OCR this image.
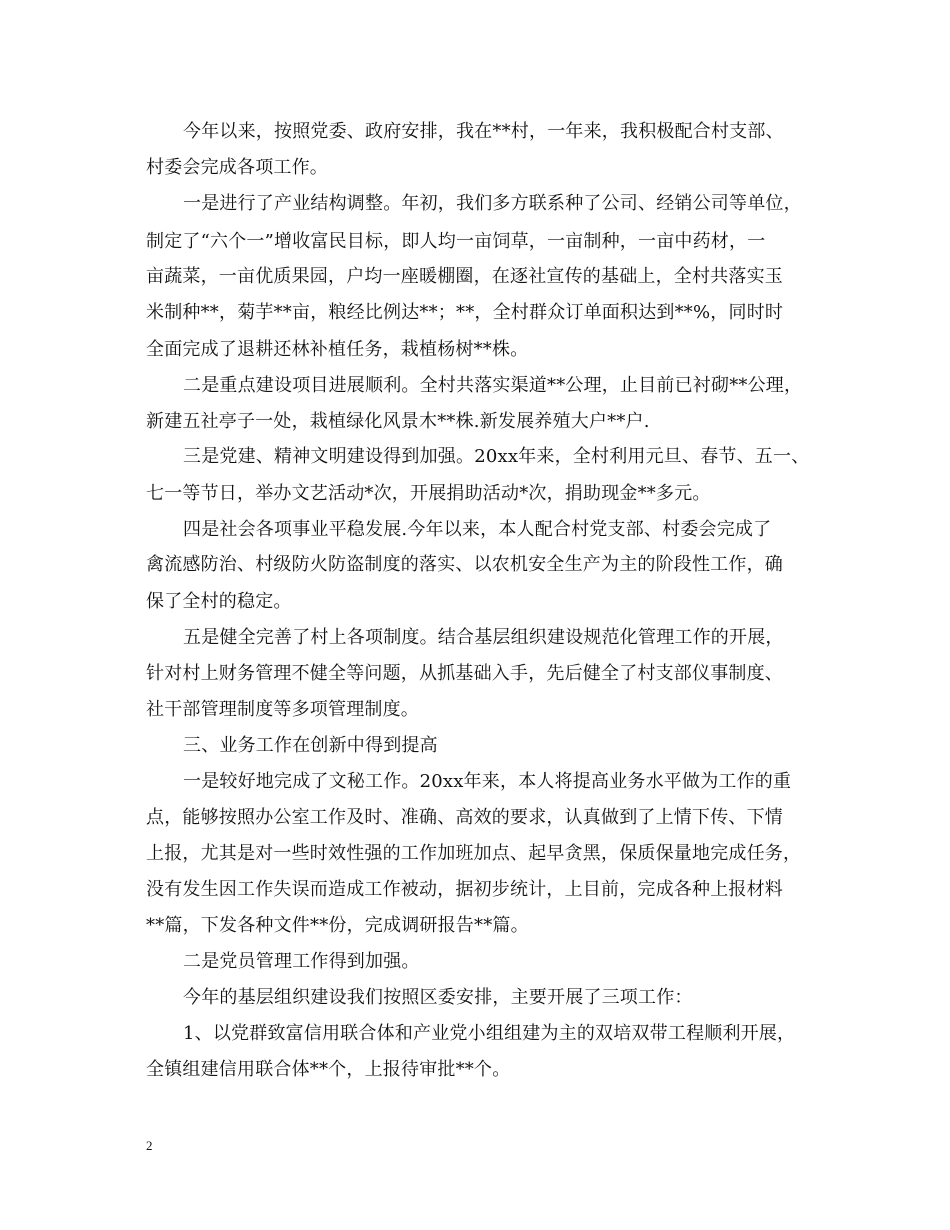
今年以来，按照党委、政府安排，我在**村，一年来，我积极配合村支部、
村委会完成各项工作。
一是进行了产业结构调整。年初，我们多方联系种了公司、经销公司等单位，
制定了“六个一”增收富民目标，即人均一亩饲草，一亩制种，一亩中药材，一
亩蔬菜，一亩优质果园，户均一座暖棚圈，在逐社宣传的基础上，全村共落实玉
米制种**，菊芋**亩，粮经比例达**；**，全村群众订单面积达到**%，同时时
全面完成了退耕还林补植任务，栽植杨树**株。
二是重点建设项目进展顺利。全村共落实渠道**公理，止目前已衬砌**公理，
新建五社亭子一处，栽植绿化风景木**株.新发展养殖大户**户.
三是党建、精神文明建设得到加强。20xx年来，全村利用元旦、春节、五一、
七一等节日，举办文艺活动*次，开展捐助活动*次，捐助现金**多元。
四是社会各项事业平稳发展.今年以来，本人配合村党支部、村委会完成了
禽流感防治、村级防火防盗制度的落实、以农机安全生产为主的阶段性工作，确
保了全村的稳定。
五是健全完善了村上各项制度。结合基层组织建设规范化管理工作的开展，
针对村上财务管理不健全等问题，从抓基础入手，先后健全了村支部仪事制度、
社干部管理制度等多项管理制度。
三、业务工作在创新中得到提高
一是较好地完成了文秘工作。20xx年来，本人将提高业务水平做为工作的重
点，能够按照办公室工作及时、准确、高效的要求，认真做到了上情下传、下情
上报，尤其是对一些时效性强的工作加班加点、起早贪黑，保质保量地完成任务，
没有发生因工作失误而造成工作被动，据初步统计，上目前，完成各种上报材料
**篇，下发各种文件**份，完成调研报告**篇。
二是党员管理工作得到加强。
今年的基层组织建设我们按照区委安排，主要开展了三项工作：
1、以党群致富信用联合体和产业党小组组建为主的双培双带工程顺利开展，
全镇组建信用联合体**个，上报待审批**个。
2
